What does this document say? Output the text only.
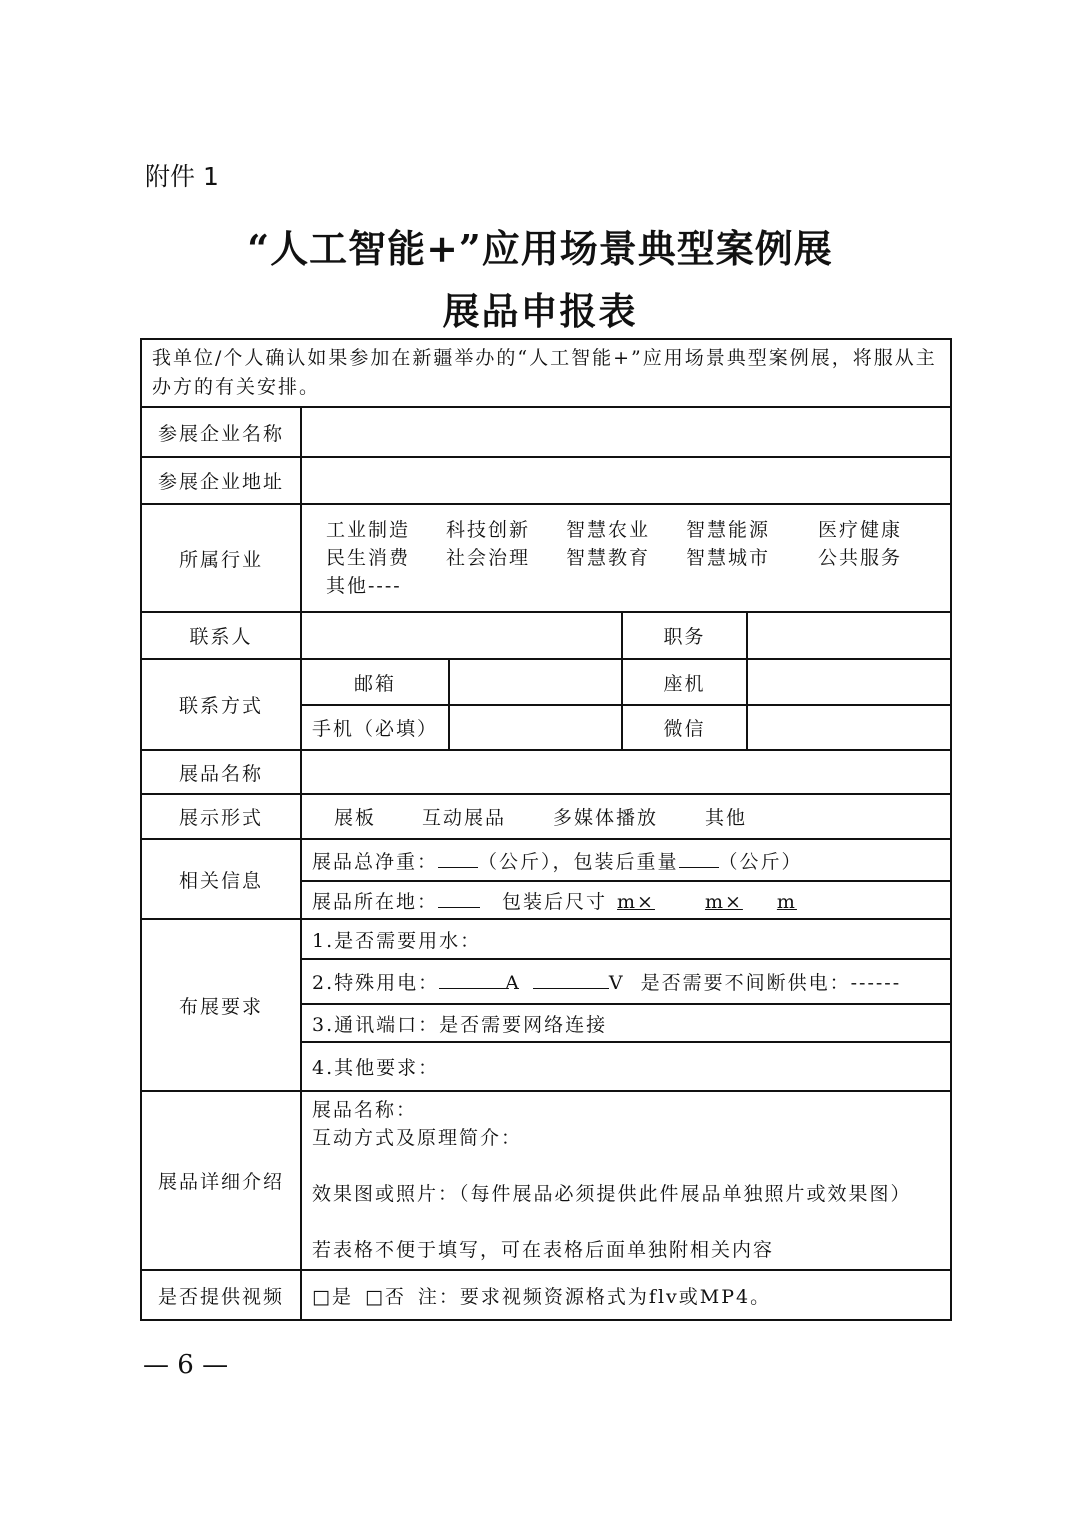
附件 1
“人工智能+”应用场景典型案例展
展品申报表
我单位/个人确认如果参加在新疆举办的“人工智能+”应用场景典型案例展，将服从主办方的有关安排。				
参展企业名称				
参展企业地址				
所属行业	工业制造 科技创新 智慧农业 智慧能源 医疗健康
民生消费 社会治理 智慧教育 智慧城市 公共服务
其他----			

联系人			职务	
联系方式	邮箱		座机	
	手机（必填）		微信	
展品名称				
展示形式	展板 互动展品 多媒体播放 其他			
相关信息	展品总净重： （公斤），包装后重量 （公斤）			
	展品所在地： 包装后尺寸 m× m× m			
布展要求	1.是否需要用水：			
	2.特殊用电： A V 是否需要不间断供电：------			
	3.通讯端口：是否需要网络连接			
	4.其他要求：			
展品详细介绍	展品名称：
互动方式及原理简介：
效果图或照片：（每件展品必须提供此件展品单独照片或效果图）
若表格不便于填写，可在表格后面单独附相关内容			

是否提供视频	□是 □否 注：要求视频资源格式为flv或MP4。			
— 6 —
